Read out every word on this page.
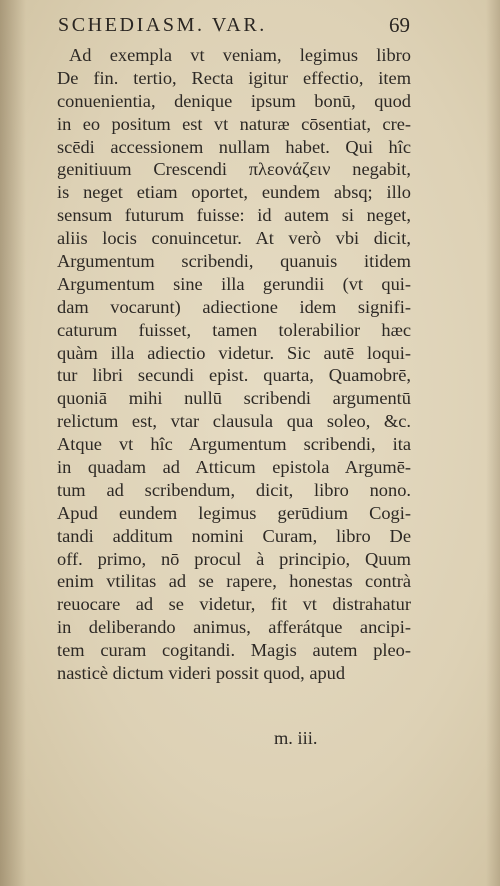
SCHEDIASM. VAR.	69
Ad exempla vt veniam, legimus libro
De fin. tertio, Recta igitur effectio, item
conuenientia, denique ipsum bonū, quod
in eo positum est vt naturæ cōsentiat, cre-
scēdi accessionem nullam habet. Qui hîc
genitiuum Crescendi πλεονάζειν negabit,
is neget etiam oportet, eundem absq; illo
sensum futurum fuisse: id autem si neget,
aliis locis conuincetur. At verò vbi dicit,
Argumentum scribendi, quanuis itidem
Argumentum sine illa gerundii (vt qui-
dam vocarunt) adiectione idem signifi-
caturum fuisset, tamen tolerabilior hæc
quàm illa adiectio videtur. Sic autē loqui-
tur libri secundi epist. quarta, Quamobrē,
quoniā mihi nullū scribendi argumentū
relictum est, vtar clausula qua soleo, &c.
Atque vt hîc Argumentum scribendi, ita
in quadam ad Atticum epistola Argumē-
tum ad scribendum, dicit, libro nono.
Apud eundem legimus gerūdium Cogi-
tandi additum nomini Curam, libro De
off. primo, nō procul à principio, Quum
enim vtilitas ad se rapere, honestas contrà
reuocare ad se videtur, fit vt distrahatur
in deliberando animus, afferátque ancipi-
tem curam cogitandi. Magis autem pleo-
nasticè dictum videri possit quod, apud
m. iii.
